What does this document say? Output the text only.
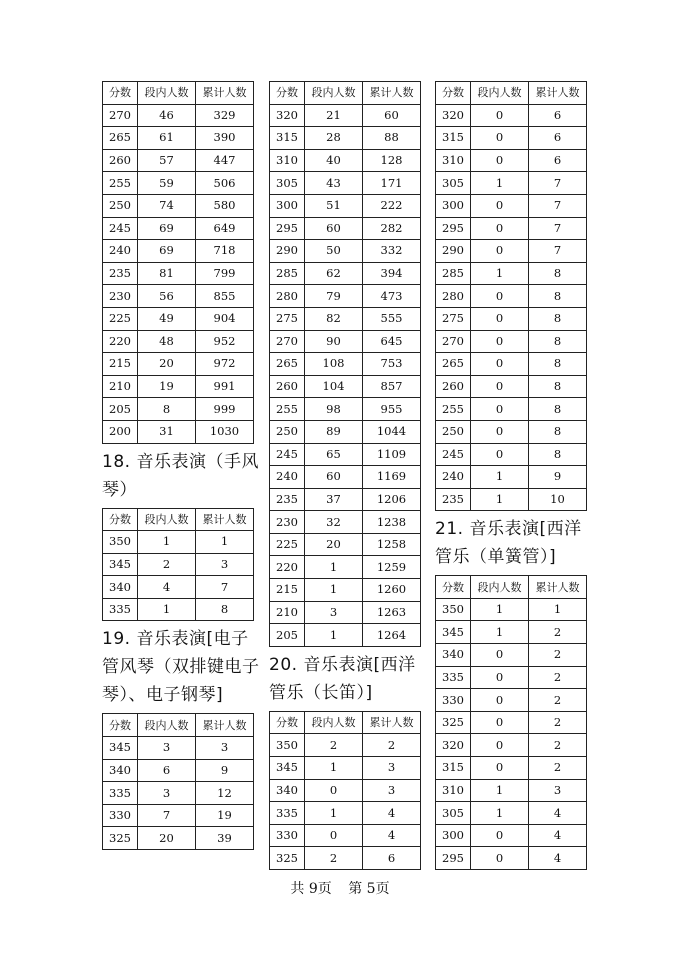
分数	段内人数	累计人数
270	46	329
265	61	390
260	57	447
255	59	506
250	74	580
245	69	649
240	69	718
235	81	799
230	56	855
225	49	904
220	48	952
215	20	972
210	19	991
205	8	999
200	31	1030
18. 音乐表演（手风琴）
分数	段内人数	累计人数
350	1	1
345	2	3
340	4	7
335	1	8
19. 音乐表演[电子管风琴（双排键电子琴）、电子钢琴]
分数	段内人数	累计人数
345	3	3
340	6	9
335	3	12
330	7	19
325	20	39
分数	段内人数	累计人数
320	21	60
315	28	88
310	40	128
305	43	171
300	51	222
295	60	282
290	50	332
285	62	394
280	79	473
275	82	555
270	90	645
265	108	753
260	104	857
255	98	955
250	89	1044
245	65	1109
240	60	1169
235	37	1206
230	32	1238
225	20	1258
220	1	1259
215	1	1260
210	3	1263
205	1	1264
20. 音乐表演[西洋管乐（长笛）]
分数	段内人数	累计人数
350	2	2
345	1	3
340	0	3
335	1	4
330	0	4
325	2	6
分数	段内人数	累计人数
320	0	6
315	0	6
310	0	6
305	1	7
300	0	7
295	0	7
290	0	7
285	1	8
280	0	8
275	0	8
270	0	8
265	0	8
260	0	8
255	0	8
250	0	8
245	0	8
240	1	9
235	1	10
21. 音乐表演[西洋管乐（单簧管）]
分数	段内人数	累计人数
350	1	1
345	1	2
340	0	2
335	0	2
330	0	2
325	0	2
320	0	2
315	0	2
310	1	3
305	1	4
300	0	4
295	0	4
共 9页 第 5页
